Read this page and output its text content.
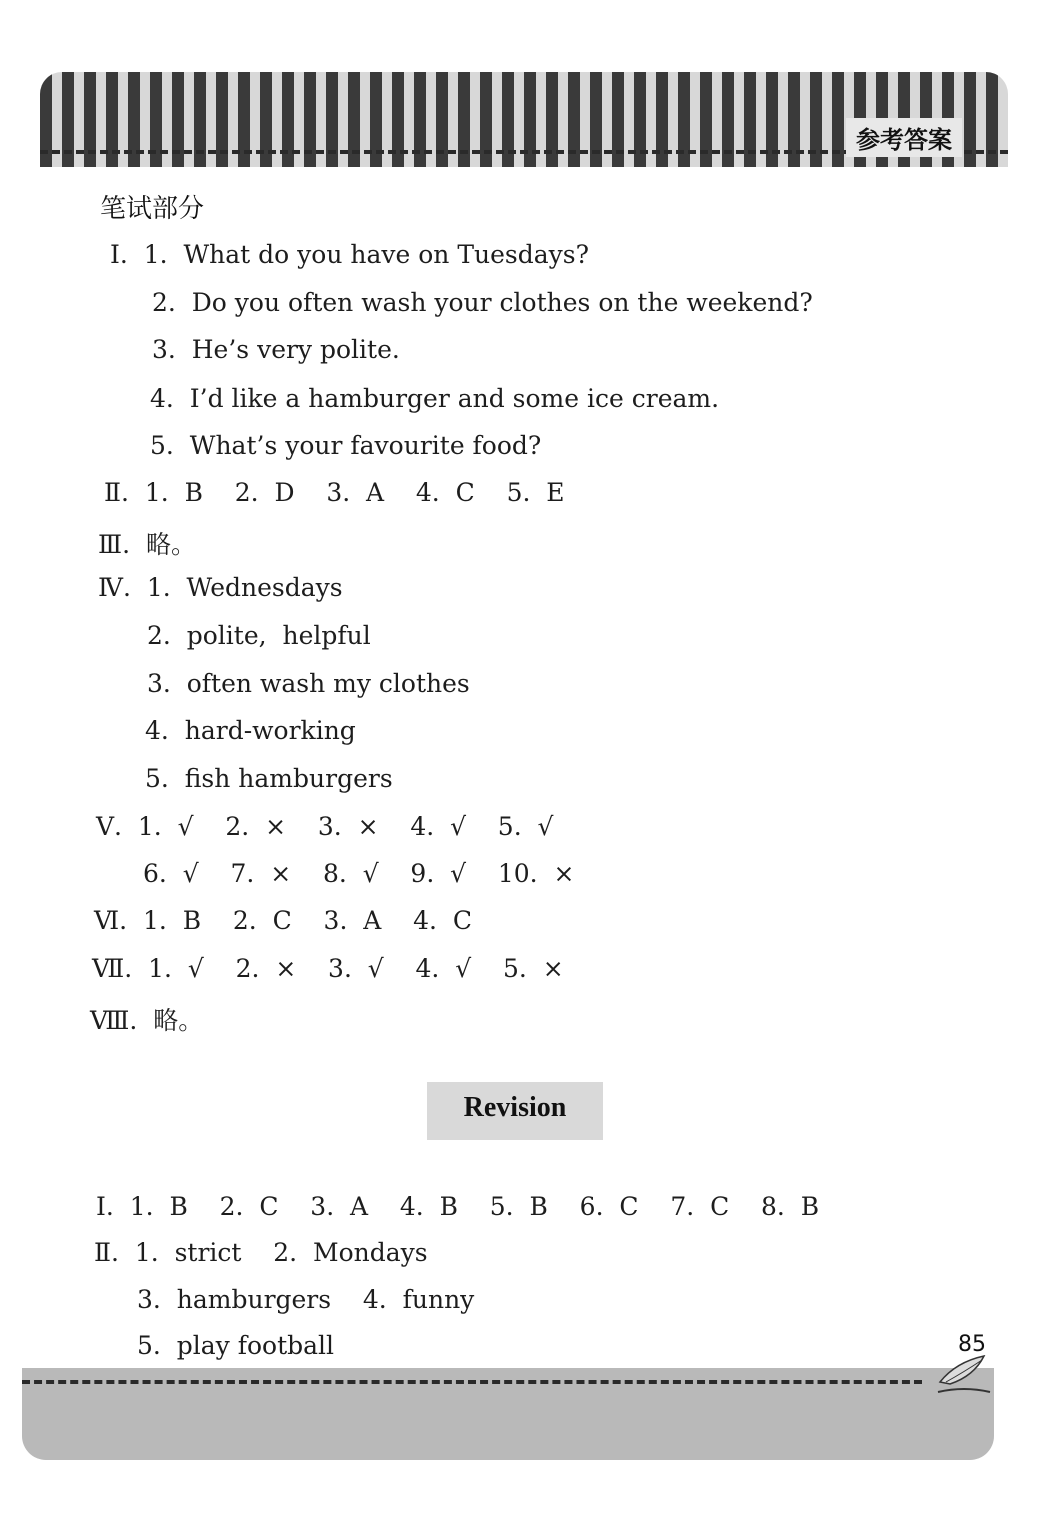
参考答案
笔试部分
Ⅰ.  1.  What do you have on Tuesdays?
2.  Do you often wash your clothes on the weekend?
3.  He’s very polite.
4.  I’d like a hamburger and some ice cream.
5.  What’s your favourite food?
Ⅱ.  1.  B    2.  D    3.  A    4.  C    5.  E
Ⅲ.  略。
Ⅳ.  1.  Wednesdays
2.  polite,  helpful
3.  often wash my clothes
4.  hard-working
5.  fish hamburgers
Ⅴ.  1.  √    2.  ×    3.  ×    4.  √    5.  √
6.  √    7.  ×    8.  √    9.  √    10.  ×
Ⅵ.  1.  B    2.  C    3.  A    4.  C
Ⅶ.  1.  √    2.  ×    3.  √    4.  √    5.  ×
Ⅷ.  略。
Revision
Ⅰ.  1.  B    2.  C    3.  A    4.  B    5.  B    6.  C    7.  C    8.  B
Ⅱ.  1.  strict    2.  Mondays
3.  hamburgers    4.  funny
5.  play football	85
